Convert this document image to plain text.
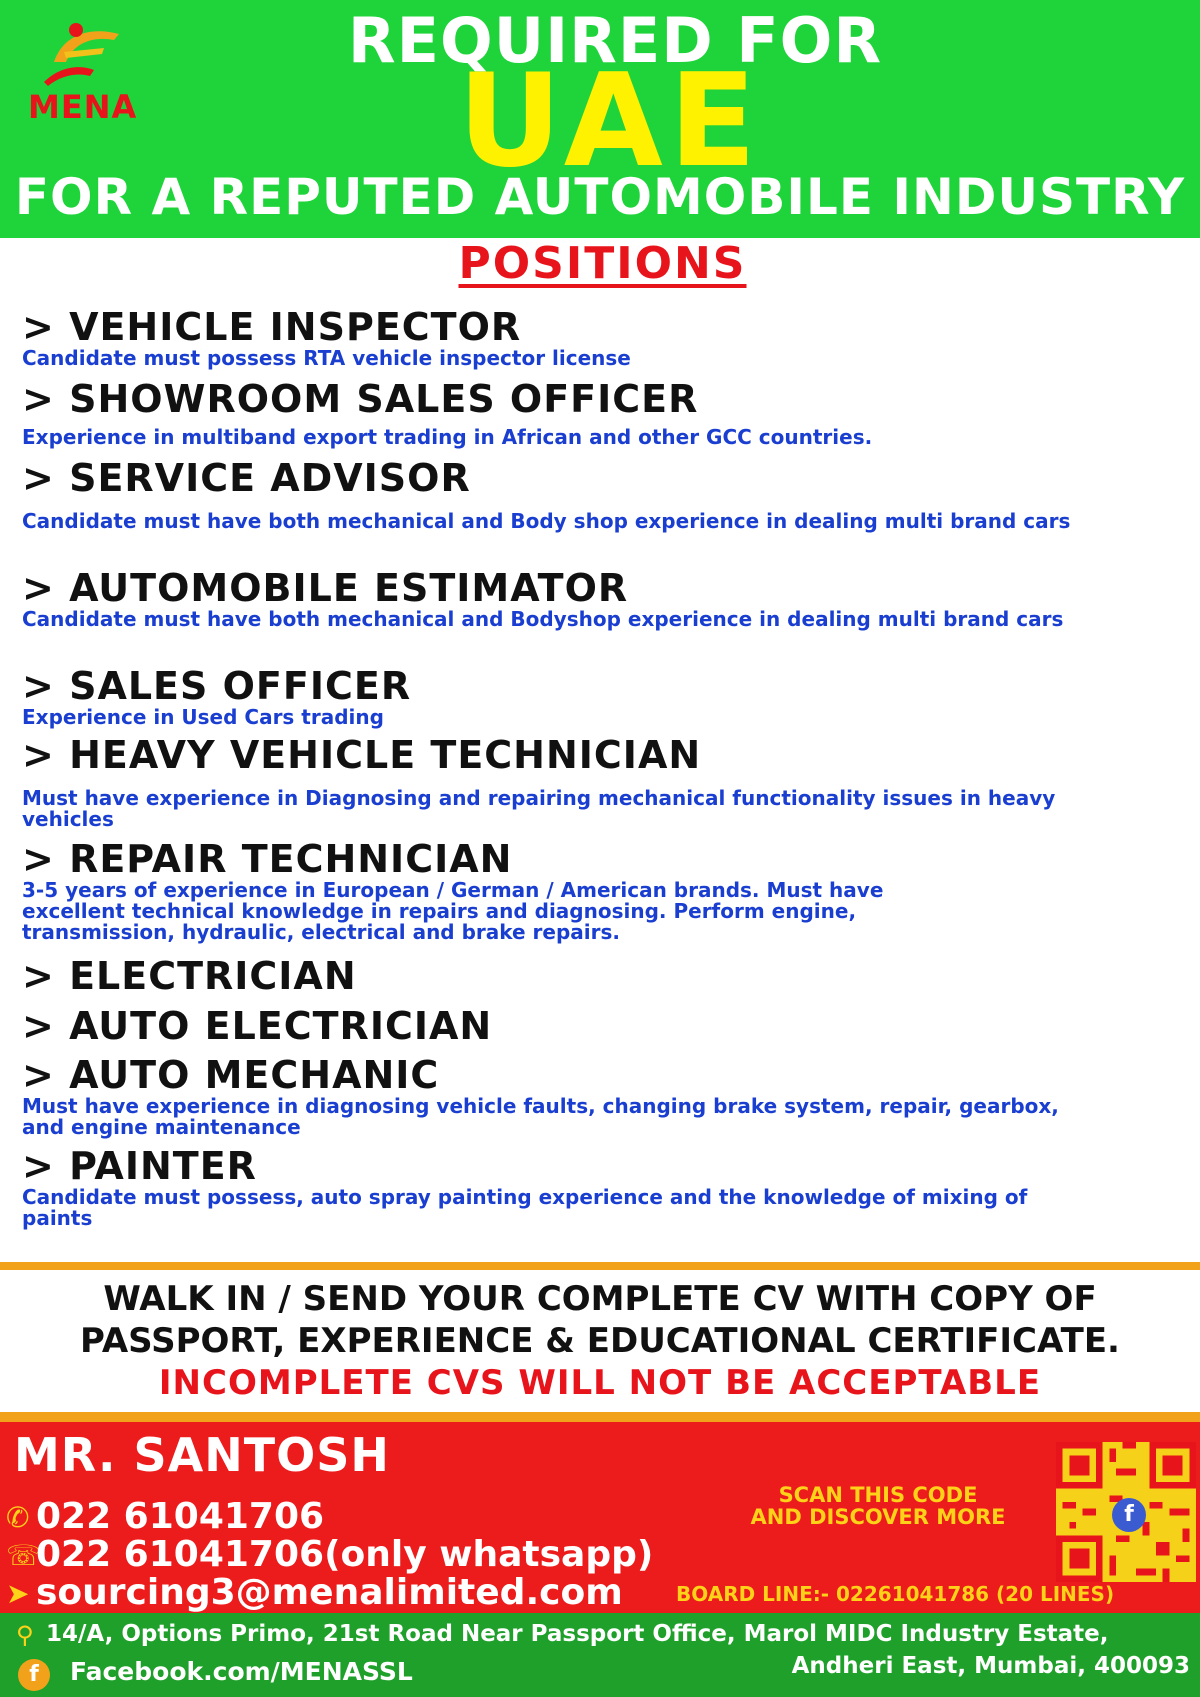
MENA
REQUIRED FOR
UAE
FOR A REPUTED AUTOMOBILE INDUSTRY
POSITIONS
> VEHICLE INSPECTOR
Candidate must possess RTA vehicle inspector license
> SHOWROOM SALES OFFICER
Experience in multiband export trading in African and other GCC countries.
> SERVICE ADVISOR
Candidate must have both mechanical and Body shop experience in dealing multi brand cars
> AUTOMOBILE ESTIMATOR
Candidate must have both mechanical and Bodyshop experience in dealing multi brand cars
> SALES OFFICER
Experience in Used Cars trading
> HEAVY VEHICLE TECHNICIAN
Must have experience in Diagnosing and repairing mechanical functionality issues in heavy vehicles
> REPAIR TECHNICIAN
3-5 years of experience in European / German / American brands. Must have excellent technical knowledge in repairs and diagnosing. Perform engine, transmission, hydraulic, electrical and brake repairs.
> ELECTRICIAN
> AUTO ELECTRICIAN
> AUTO MECHANIC
Must have experience in diagnosing vehicle faults, changing brake system, repair, gearbox, and engine maintenance
> PAINTER
Candidate must possess, auto spray painting experience and the knowledge of mixing of paints
WALK IN / SEND YOUR COMPLETE CV WITH COPY OF
PASSPORT, EXPERIENCE & EDUCATIONAL CERTIFICATE.
INCOMPLETE CVS WILL NOT BE ACCEPTABLE
MR. SANTOSH
✆ 022 61041706
☏022 61041706(only whatsapp)
➤ sourcing3@menalimited.com
SCAN THIS CODE
AND DISCOVER MORE
BOARD LINE:- 02261041786 (20 LINES)
f
⚲ 14/A, Options Primo, 21st Road Near Passport Office, Marol MIDC Industry Estate,
Andheri East, Mumbai, 400093
f	Facebook.com/MENASSL
